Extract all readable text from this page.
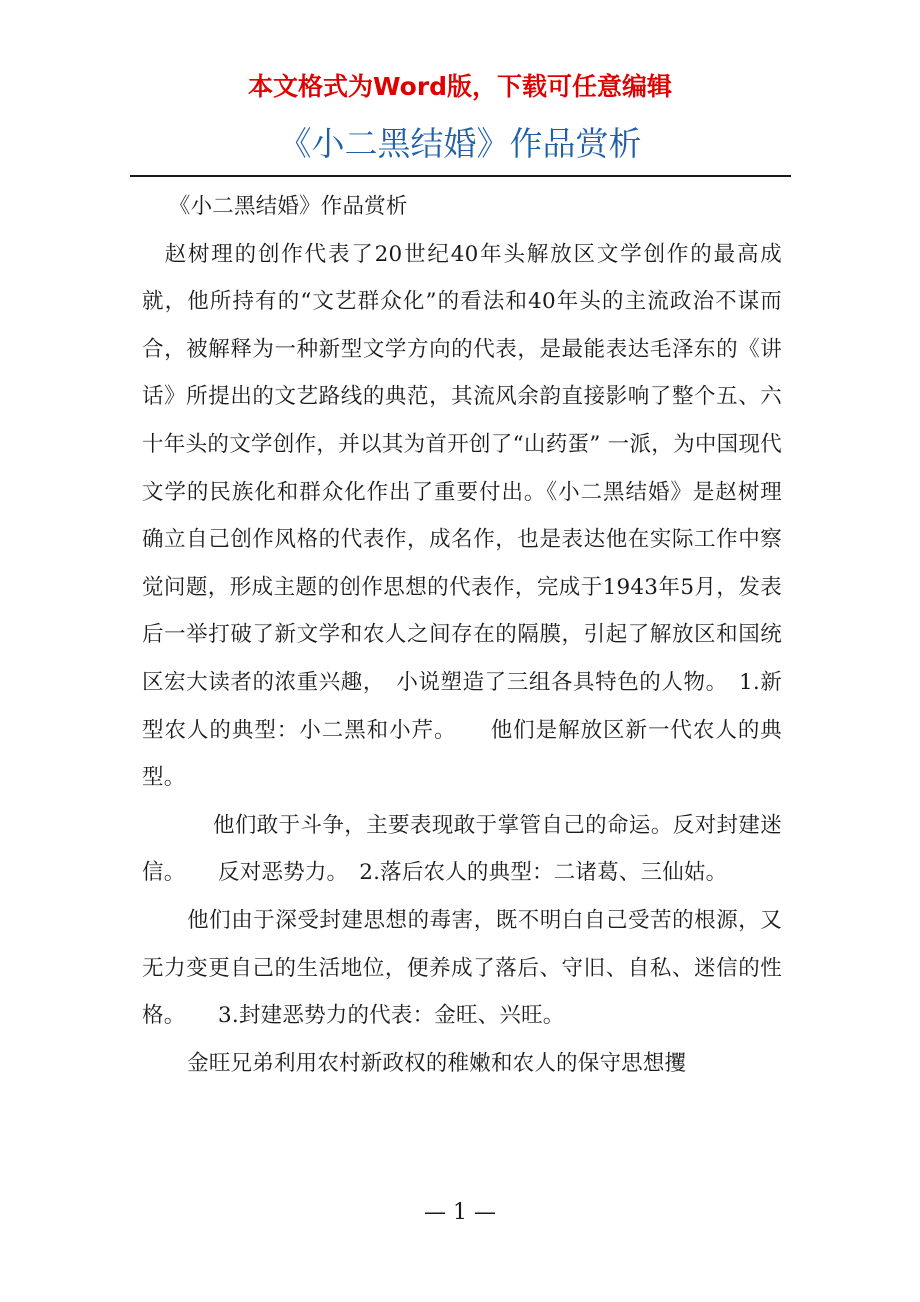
本文格式为Word版，下载可任意编辑
《小二黑结婚》作品赏析

《小二黑结婚》作品赏析

赵树理的创作代表了20世纪40年头解放区文学创作的最高成就，他所持有的“文艺群众化”的看法和40年头的主流政治不谋而合，被解释为一种新型文学方向的代表，是最能表达毛泽东的《讲话》所提出的文艺路线的典范，其流风余韵直接影响了整个五、六十年头的文学创作，并以其为首开创了“山药蛋” 一派，为中国现代文学的民族化和群众化作出了重要付出。《小二黑结婚》是赵树理确立自己创作风格的代表作，成名作，也是表达他在实际工作中察觉问题，形成主题的创作思想的代表作，完成于1943年5月，发表后一举打破了新文学和农人之间存在的隔膜，引起了解放区和国统区宏大读者的浓重兴趣，　小说塑造了三组各具特色的人物。　1.新型农人的典型：小二黑和小芹。　　他们是解放区新一代农人的典型。

他们敢于斗争，主要表现敢于掌管自己的命运。反对封建迷信。　　反对恶势力。　2.落后农人的典型：二诸葛、三仙姑。

他们由于深受封建思想的毒害，既不明白自己受苦的根源，又无力变更自己的生活地位，便养成了落后、守旧、自私、迷信的性格。　　3.封建恶势力的代表：金旺、兴旺。

金旺兄弟利用农村新政权的稚嫩和农人的保守思想攫

— 1 —
